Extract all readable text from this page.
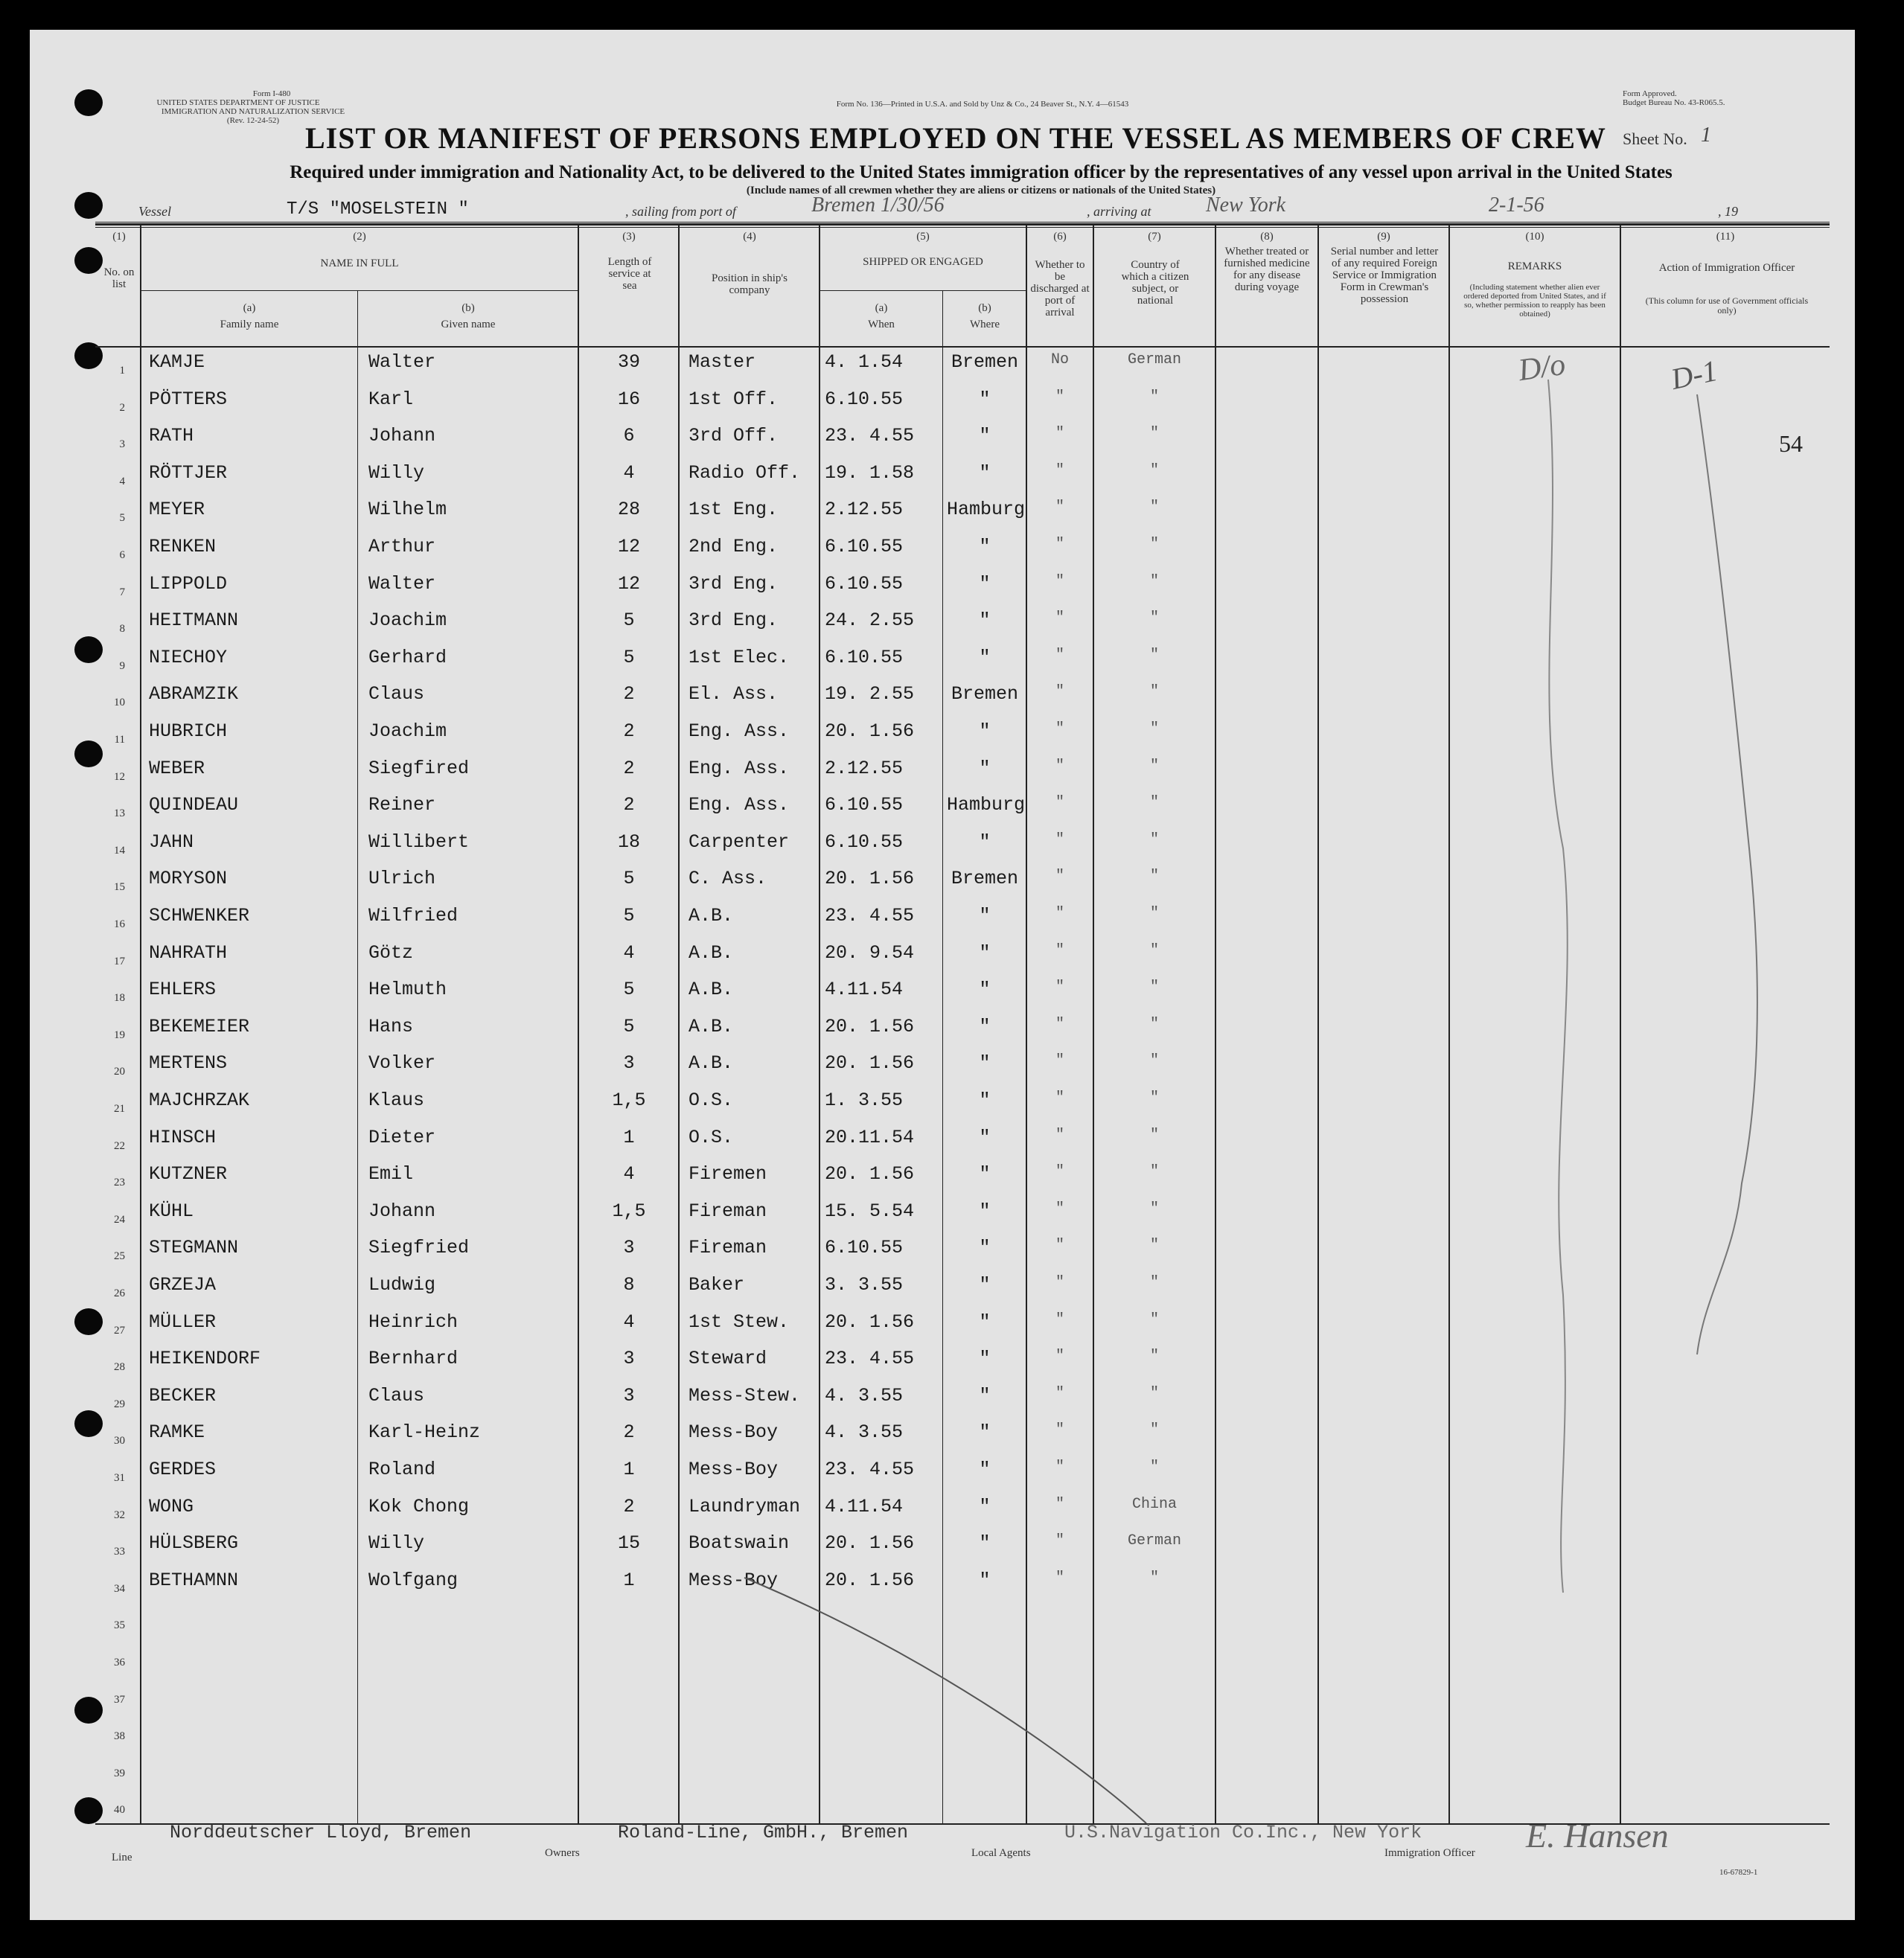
Form I-480
UNITED STATES DEPARTMENT OF JUSTICE
IMMIGRATION AND NATURALIZATION SERVICE
(Rev. 12-24-52)
Form No. 136—Printed in U.S.A. and Sold by Unz & Co., 24 Beaver St., N.Y. 4—61543
Form Approved.
Budget Bureau No. 43-R065.5.
LIST OR MANIFEST OF PERSONS EMPLOYED ON THE VESSEL AS MEMBERS OF CREW	Sheet No. 1
Required under immigration and Nationality Act, to be delivered to the United States immigration officer by the representatives of any vessel upon arrival in the United States
(Include names of all crewmen whether they are aliens or citizens or nationals of the United States)
Vessel	T/S "MOSELSTEIN "	, sailing from port of	Bremen 1/30/56	, arriving at	New York	2-1-56	, 19
54
(1)
No. on list
(2)
NAME IN FULL
(a)
Family name
(b)
Given name
(3)
Length of service at sea
(4)
Position in ship's company
(5)
SHIPPED OR ENGAGED
(a)
When
(b)
Where
(6)
Whether to be discharged at port of arrival
(7)
Country of which a citizen subject, or national
(8)
Whether treated or furnished medicine for any disease during voyage
(9)
Serial number and letter of any required Foreign Service or Immigration Form in Crewman's possession
(10)
REMARKS
(Including statement whether alien ever ordered deported from United States, and if so, whether permission to reapply has been obtained)
(11)
Action of Immigration Officer
(This column for use of Government officials only)
1 KAMJE	Walter	39	Master	4. 1.54	Bremen	No	German
2 PÖTTERS	Karl	16	1st Off.	6.10.55	"	"	"
3 RATH	Johann	6	3rd Off.	23. 4.55	"	"	"
4 RÖTTJER	Willy	4	Radio Off. 19. 1.58	"	"	"
5 MEYER	Wilhelm	28	1st Eng.	2.12.55 Hamburg	"	"
6 RENKEN	Arthur	12	2nd Eng.	6.10.55	"	"	"
7 LIPPOLD	Walter	12	3rd Eng.	6.10.55	"	"	"
8 HEITMANN	Joachim	5	3rd Eng.	24. 2.55	"	"	"
9 NIECHOY	Gerhard	5	1st Elec. 6.10.55	"	"	"
10 ABRAMZIK	Claus	2	El. Ass.	19. 2.55 Bremen	"	"
11 HUBRICH	Joachim	2	Eng. Ass. 20. 1.56	"	"	"
12 WEBER	Siegfired	2	Eng. Ass. 2.12.55	"	"	"
13 QUINDEAU	Reiner	2	Eng. Ass. 6.10.55 Hamburg	"	"
14 JAHN	Willibert	18	Carpenter 6.10.55	"	"	"
15 MORYSON	Ulrich	5	C. Ass.	20. 1.56 Bremen	"	"
16 SCHWENKER	Wilfried	5	A.B.	23. 4.55	"	"	"
17 NAHRATH	Götz	4	A.B.	20. 9.54	"	"	"
18 EHLERS	Helmuth	5	A.B.	4.11.54	"	"	"
19 BEKEMEIER	Hans	5	A.B.	20. 1.56	"	"	"
20 MERTENS	Volker	3	A.B.	20. 1.56	"	"	"
21 MAJCHRZAK	Klaus	1,5	O.S.	1. 3.55	"	"	"
22 HINSCH	Dieter	1	O.S.	20.11.54	"	"	"
23 KUTZNER	Emil	4	Firemen	20. 1.56	"	"	"
24 KÜHL	Johann	1,5	Fireman	15. 5.54	"	"	"
25 STEGMANN	Siegfried	3	Fireman	6.10.55	"	"	"
26 GRZEJA	Ludwig	8	Baker	3. 3.55	"	"	"
27 MÜLLER	Heinrich	4	1st Stew. 20. 1.56	"	"	"
28 HEIKENDORF	Bernhard	3	Steward	23. 4.55	"	"	"
29 BECKER	Claus	3	Mess-Stew. 4. 3.55	"	"	"
30 RAMKE	Karl-Heinz	2	Mess-Boy	4. 3.55	"	"	"
31 GERDES	Roland	1	Mess-Boy	23. 4.55	"	"	"
32 WONG	Kok Chong	2	Laundryman 4.11.54	"	"	China
33 HÜLSBERG	Willy	15	Boatswain 20. 1.56	"	"	German
34 BETHAMNN	Wolfgang	1	Mess-Boy	20. 1.56	"	"	"
35
36
37
38
39
40
D/o	D-1
Norddeutscher Lloyd, Bremen	Roland-Line, GmbH., Bremen	U.S.Navigation Co.Inc., New York
Line	Owners	Local Agents	Immigration Officer E. Hansen
16-67829-1
